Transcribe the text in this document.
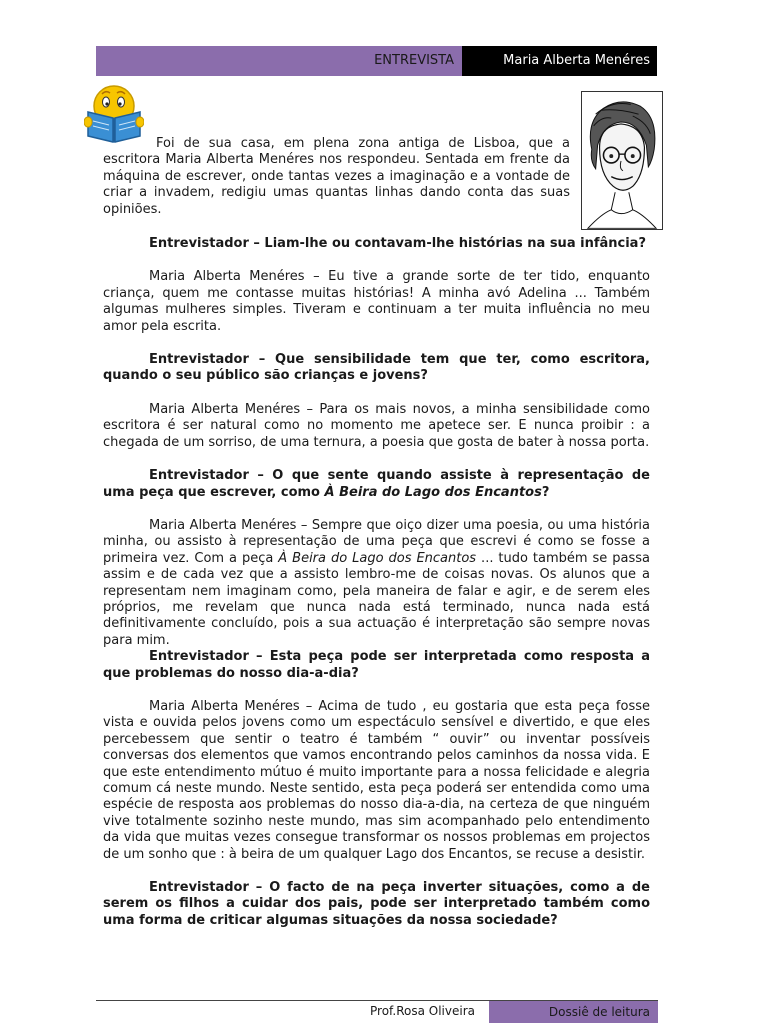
ENTREVISTA	Maria Alberta Menéres

Foi de sua casa, em plena zona antiga de Lisboa, que a escritora Maria Alberta Menéres nos respondeu. Sentada em frente da máquina de escrever, onde tantas vezes a imaginação e a vontade de criar a invadem, redigiu umas quantas linhas dando conta das suas opiniões.

Entrevistador – Liam-lhe ou contavam-lhe histórias na sua infância?

Maria Alberta Menéres – Eu tive a grande sorte de ter tido, enquanto criança, quem me contasse muitas histórias! A minha avó Adelina ... Também algumas mulheres simples. Tiveram e continuam a ter muita influência no meu amor pela escrita.

Entrevistador – Que sensibilidade tem que ter, como escritora, quando o seu público são crianças e jovens?

Maria Alberta Menéres – Para os mais novos, a minha sensibilidade como escritora é ser natural como no momento me apetece ser. E nunca proibir : a chegada de um sorriso, de uma ternura, a poesia que gosta de bater à nossa porta.

Entrevistador – O que sente quando assiste à representação de uma peça que escrever, como À Beira do Lago dos Encantos?

Maria Alberta Menéres – Sempre que oiço dizer uma poesia, ou uma história minha, ou assisto à representação de uma peça que escrevi é como se fosse a primeira vez. Com a peça À Beira do Lago dos Encantos ... tudo também se passa assim e de cada vez que a assisto lembro-me de coisas novas. Os alunos que a representam nem imaginam como, pela maneira de falar e agir, e de serem eles próprios, me revelam que nunca nada está terminado, nunca nada está definitivamente concluído, pois a sua actuação é interpretação são sempre novas para mim.

Entrevistador – Esta peça pode ser interpretada como resposta a que problemas do nosso dia-a-dia?

Maria Alberta Menéres – Acima de tudo , eu gostaria que esta peça fosse vista e ouvida pelos jovens como um espectáculo sensível e divertido, e que eles percebessem que sentir o teatro é também “ ouvir” ou inventar possíveis conversas dos elementos que vamos encontrando pelos caminhos da nossa vida. E que este entendimento mútuo é muito importante para a nossa felicidade e alegria comum cá neste mundo. Neste sentido, esta peça poderá ser entendida como uma espécie de resposta aos problemas do nosso dia-a-dia, na certeza de que ninguém vive totalmente sozinho neste mundo, mas sim acompanhado pelo entendimento da vida que muitas vezes consegue transformar os nossos problemas em projectos de um sonho que : à beira de um qualquer Lago dos Encantos, se recuse a desistir.

Entrevistador – O facto de na peça inverter situações, como a de serem os filhos a cuidar dos pais, pode ser interpretado também como uma forma de criticar algumas situações da nossa sociedade?

Prof.Rosa Oliveira	Dossiê de leitura
